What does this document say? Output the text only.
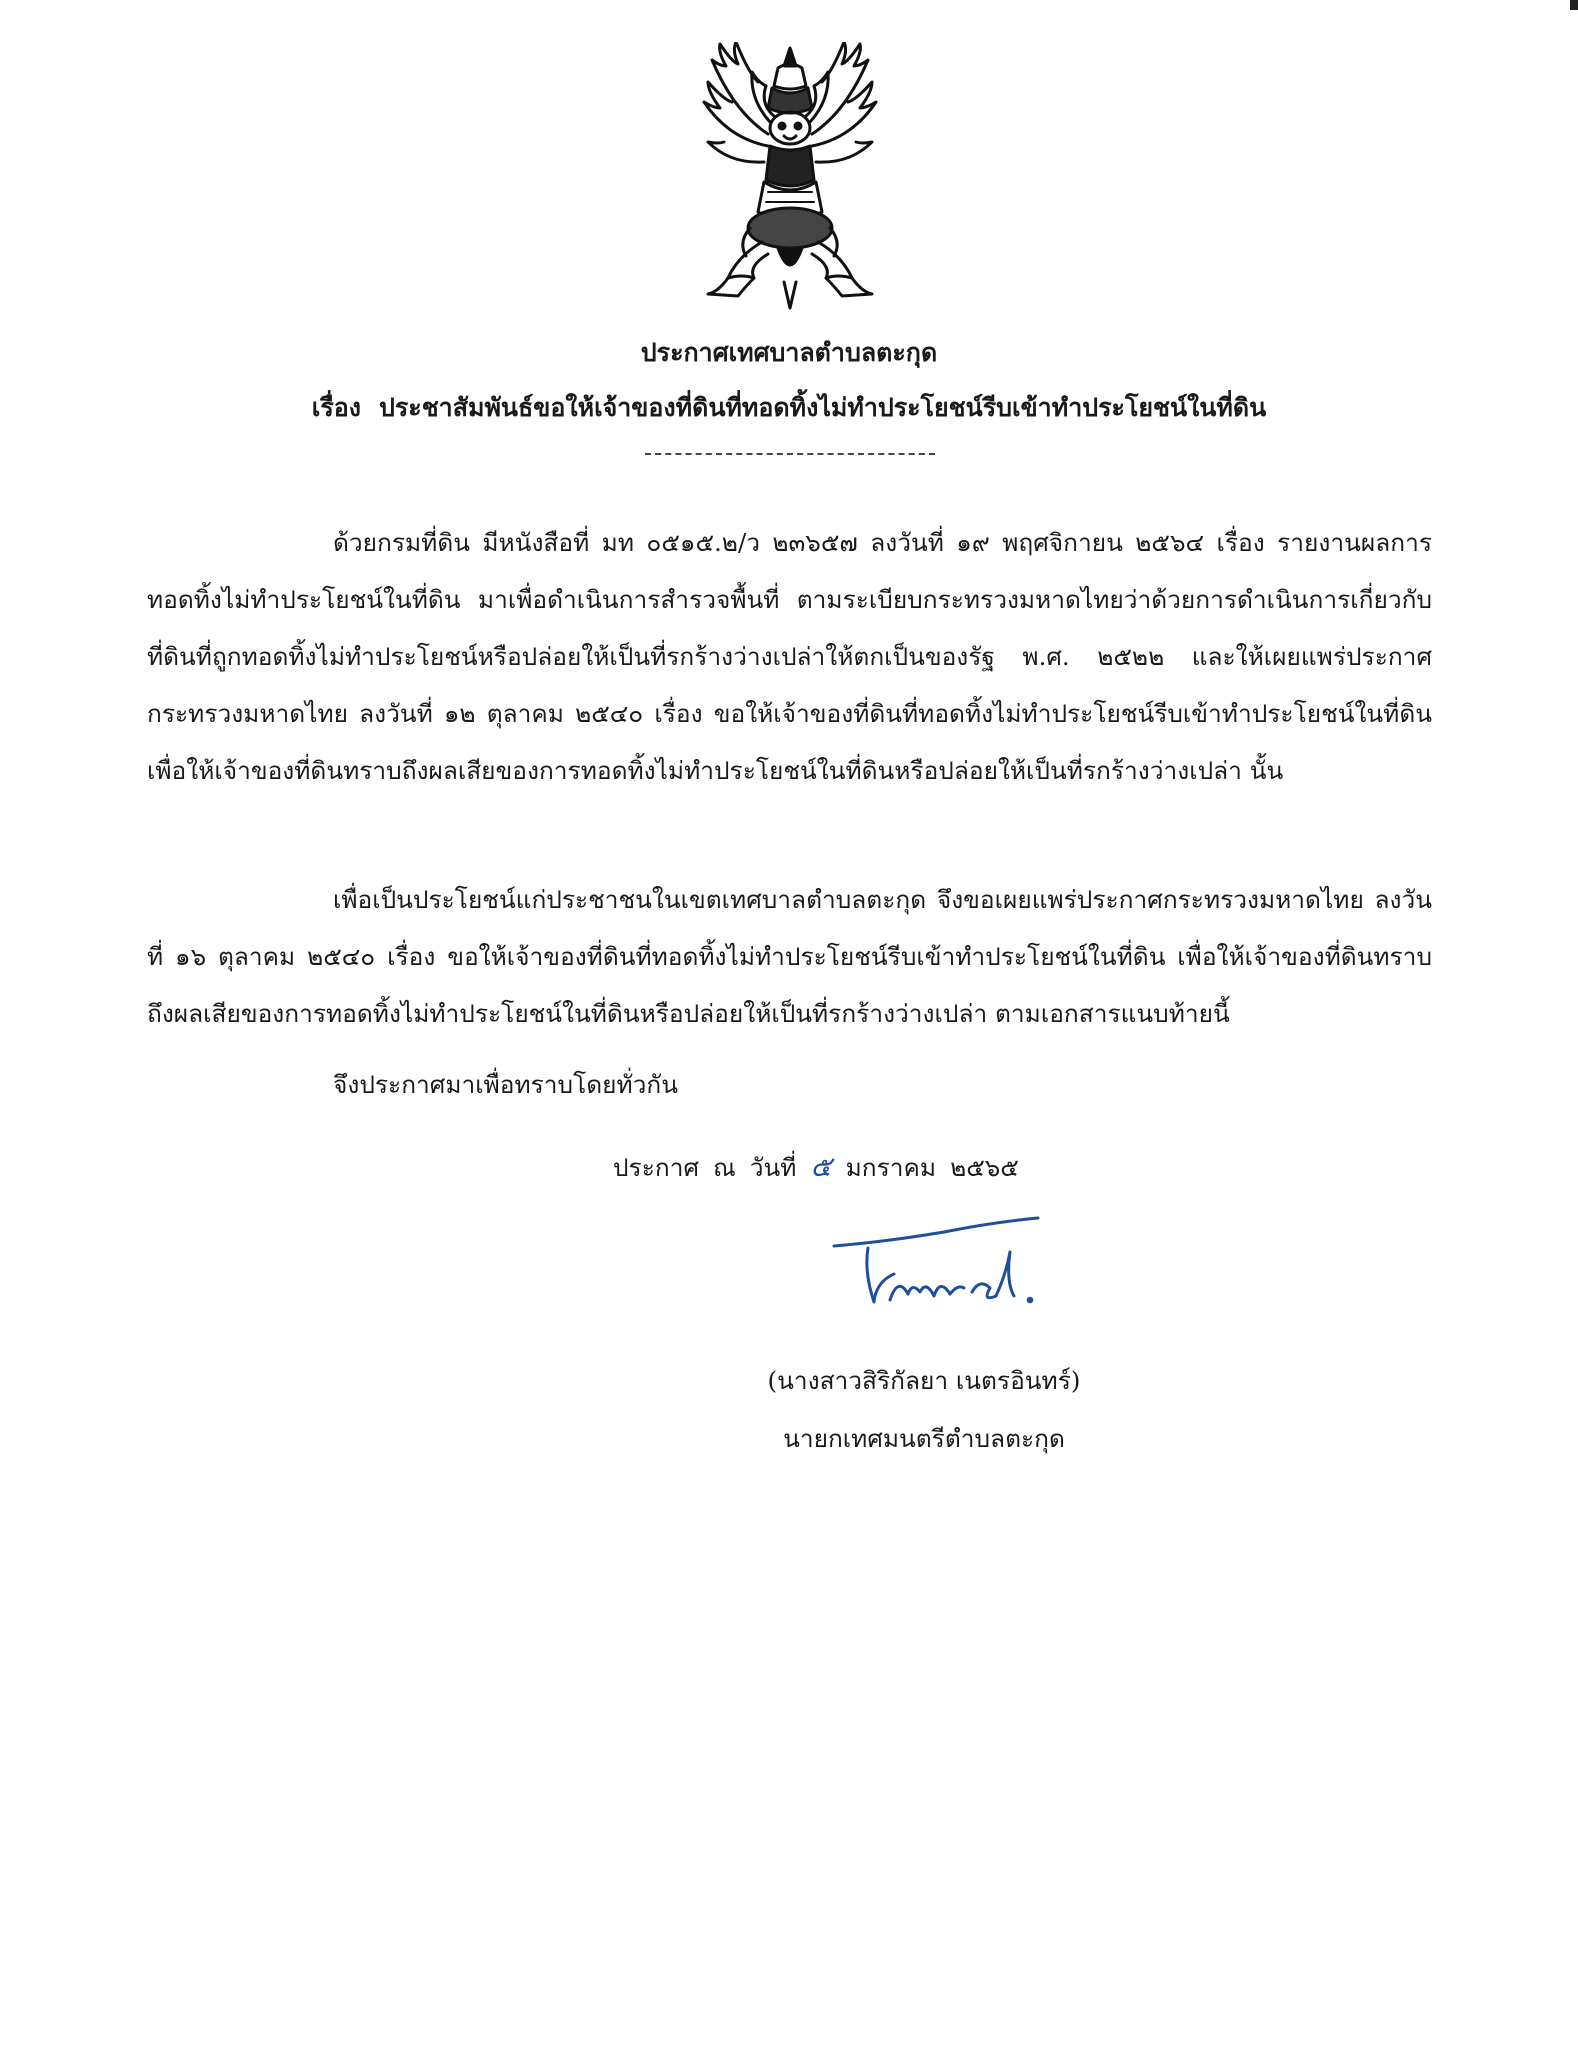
ประกาศเทศบาลตำบลตะกุด
เรื่อง ประชาสัมพันธ์ขอให้เจ้าของที่ดินที่ทอดทิ้งไม่ทำประโยชน์รีบเข้าทำประโยชน์ในที่ดิน
ด้วยกรมที่ดิน มีหนังสือที่ มท ๐๕๑๕.๒/ว ๒๓๖๕๗ ลงวันที่ ๑๙ พฤศจิกายน ๒๕๖๔ เรื่อง รายงานผลการทอดทิ้งไม่ทำประโยชน์ในที่ดิน มาเพื่อดำเนินการสำรวจพื้นที่ ตามระเบียบกระทรวงมหาดไทยว่าด้วยการดำเนินการเกี่ยวกับที่ดินที่ถูกทอดทิ้งไม่ทำประโยชน์หรือปล่อยให้เป็นที่รกร้างว่างเปล่าให้ตกเป็นของรัฐ พ.ศ. ๒๕๒๒ และให้เผยแพร่ประกาศกระทรวงมหาดไทย ลงวันที่ ๑๒ ตุลาคม ๒๕๔๐ เรื่อง ขอให้เจ้าของที่ดินที่ทอดทิ้งไม่ทำประโยชน์รีบเข้าทำประโยชน์ในที่ดิน เพื่อให้เจ้าของที่ดินทราบถึงผลเสียของการทอดทิ้งไม่ทำประโยชน์ในที่ดินหรือปล่อยให้เป็นที่รกร้างว่างเปล่า นั้น
เพื่อเป็นประโยชน์แก่ประชาชนในเขตเทศบาลตำบลตะกุด จึงขอเผยแพร่ประกาศกระทรวงมหาดไทย ลงวันที่ ๑๖ ตุลาคม ๒๕๔๐ เรื่อง ขอให้เจ้าของที่ดินที่ทอดทิ้งไม่ทำประโยชน์รีบเข้าทำประโยชน์ในที่ดิน เพื่อให้เจ้าของที่ดินทราบถึงผลเสียของการทอดทิ้งไม่ทำประโยชน์ในที่ดินหรือปล่อยให้เป็นที่รกร้างว่างเปล่า ตามเอกสารแนบท้ายนี้
จึงประกาศมาเพื่อทราบโดยทั่วกัน
ประกาศ ณ วันที่ ๕ มกราคม ๒๕๖๕
(นางสาวสิริกัลยา เนตรอินทร์)
นายกเทศมนตรีตำบลตะกุด
